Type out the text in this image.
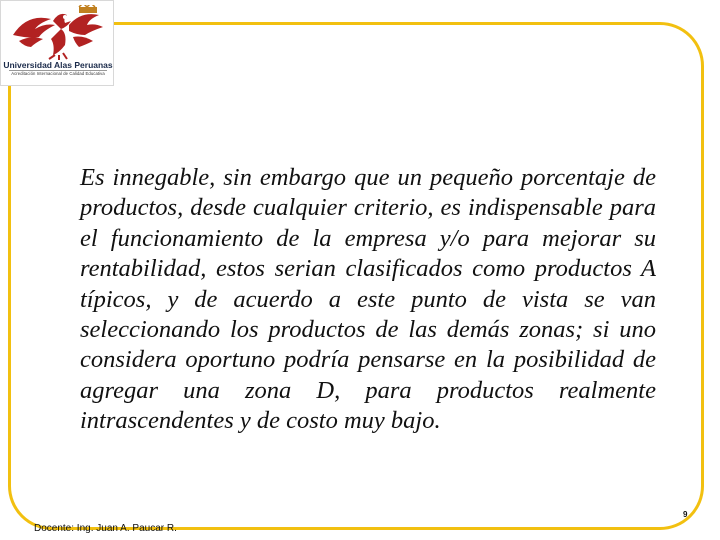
Universidad Alas Peruanas
Acreditación Internacional de Calidad Educativa

Es innegable, sin embargo que un pequeño porcentaje de productos, desde cualquier criterio, es indispensable para el funcionamiento de la empresa y/o para mejorar su rentabilidad, estos serian clasificados como productos A típicos, y de acuerdo a este punto de vista se van seleccionando los productos de las demás zonas; si uno considera oportuno podría pensarse en la posibilidad de agregar una zona D, para productos realmente intrascendentes y de costo muy bajo.

Docente: Ing. Juan A. Paucar R.
9
